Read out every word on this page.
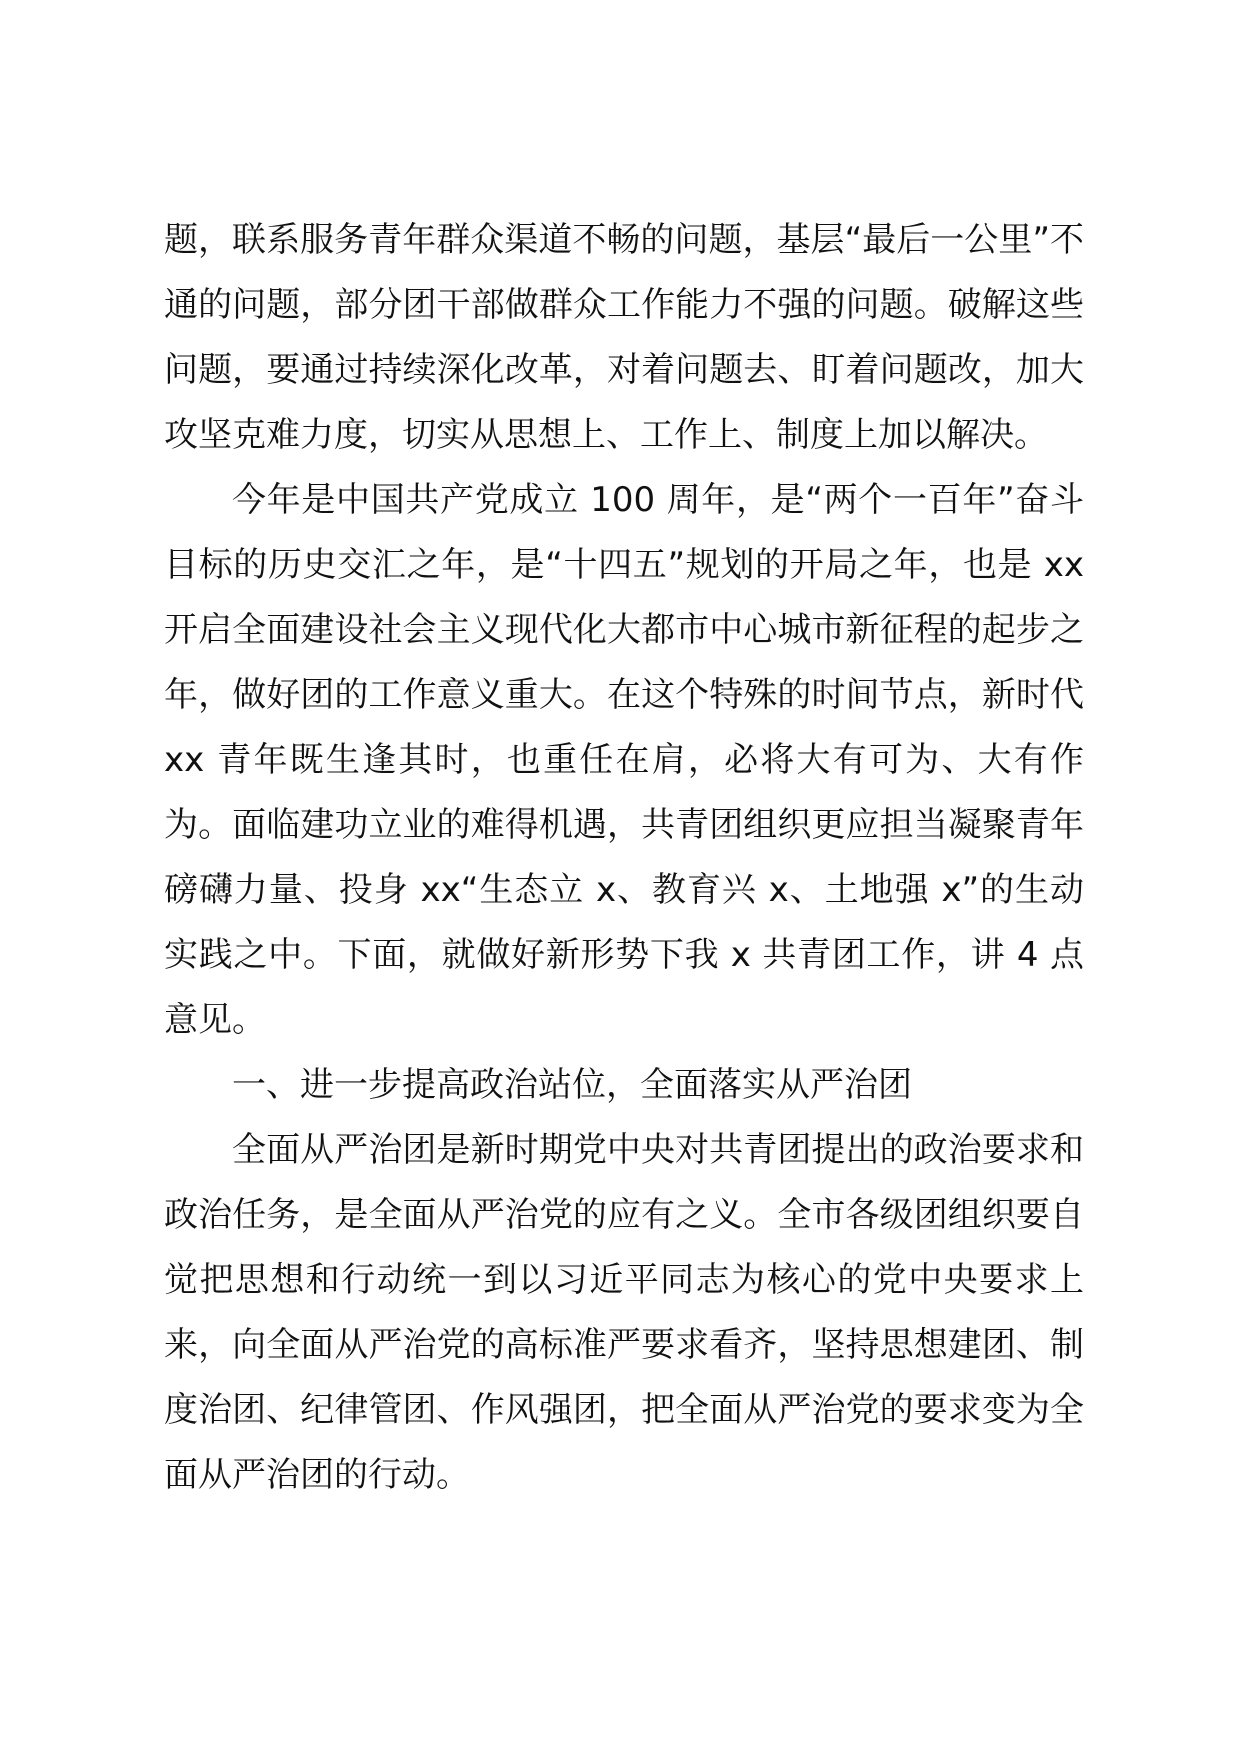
题，联系服务青年群众渠道不畅的问题，基层“最后一公里”不通的问题，部分团干部做群众工作能力不强的问题。破解这些问题，要通过持续深化改革，对着问题去、盯着问题改，加大攻坚克难力度，切实从思想上、工作上、制度上加以解决。

今年是中国共产党成立 100 周年，是“两个一百年”奋斗目标的历史交汇之年，是“十四五”规划的开局之年，也是 xx 开启全面建设社会主义现代化大都市中心城市新征程的起步之年，做好团的工作意义重大。在这个特殊的时间节点，新时代 xx 青年既生逢其时，也重任在肩，必将大有可为、大有作为。面临建功立业的难得机遇，共青团组织更应担当凝聚青年磅礴力量、投身 xx“生态立 x、教育兴 x、土地强 x”的生动实践之中。下面，就做好新形势下我 x 共青团工作，讲 4 点意见。

一、进一步提高政治站位，全面落实从严治团

全面从严治团是新时期党中央对共青团提出的政治要求和政治任务，是全面从严治党的应有之义。全市各级团组织要自觉把思想和行动统一到以习近平同志为核心的党中央要求上来，向全面从严治党的高标准严要求看齐，坚持思想建团、制度治团、纪律管团、作风强团，把全面从严治党的要求变为全面从严治团的行动。
